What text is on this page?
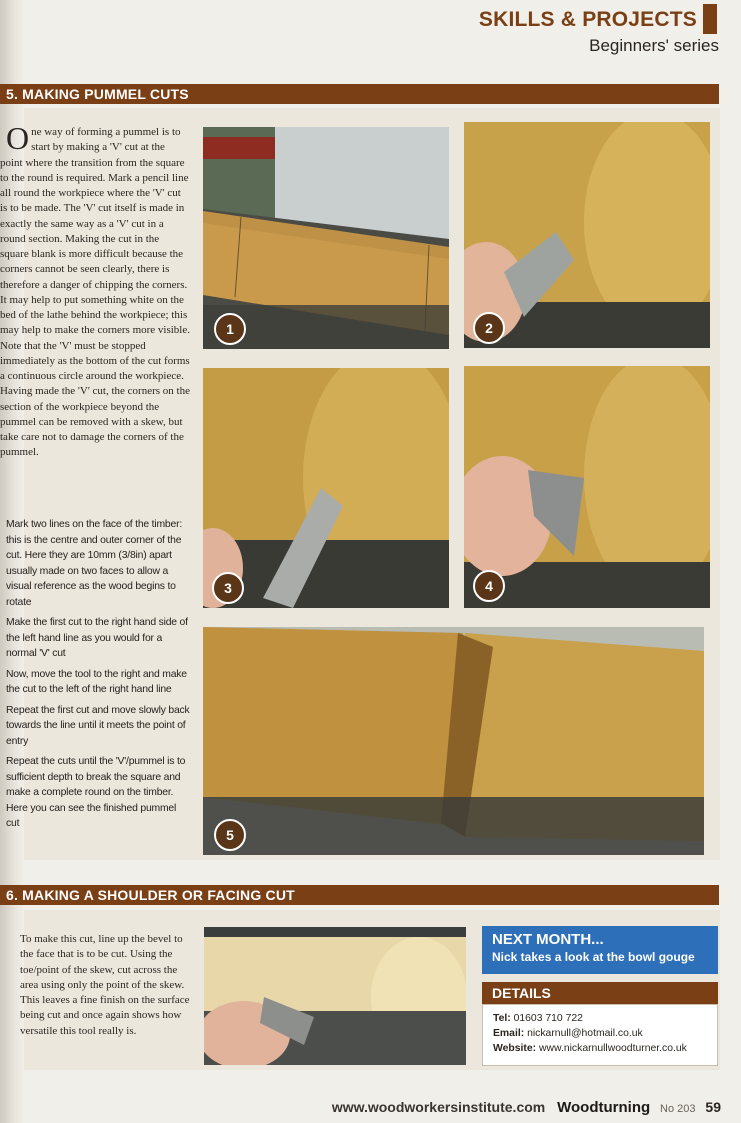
SKILLS & PROJECTS
Beginners' series
5. MAKING PUMMEL CUTS

One way of forming a pummel is to start by making a 'V' cut at the point where the transition from the square to the round is required. Mark a pencil line all round the workpiece where the 'V' cut is to be made. The 'V' cut itself is made in exactly the same way as a 'V' cut in a round section. Making the cut in the square blank is more difficult because the corners cannot be seen clearly, there is therefore a danger of chipping the corners. It may help to put something white on the bed of the lathe behind the workpiece; this may help to make the corners more visible. Note that the 'V' must be stopped immediately as the bottom of the cut forms a continuous circle around the workpiece. Having made the 'V' cut, the corners on the section of the workpiece beyond the pummel can be removed with a skew, but take care not to damage the corners of the pummel.

Mark two lines on the face of the timber: this is the centre and outer corner of the cut. Here they are 10mm (3/8in) apart usually made on two faces to allow a visual reference as the wood begins to rotate

Make the first cut to the right hand side of the left hand line as you would for a normal 'V' cut

Now, move the tool to the right and make the cut to the left of the right hand line

Repeat the first cut and move slowly back towards the line until it meets the point of entry

Repeat the cuts until the 'V'/pummel is to sufficient depth to break the square and make a complete round on the timber. Here you can see the finished pummel cut

1	2
3	4
5
6. MAKING A SHOULDER OR FACING CUT

To make this cut, line up the bevel to the face that is to be cut. Using the toe/point of the skew, cut across the area using only the point of the skew. This leaves a fine finish on the surface being cut and once again shows how versatile this tool really is.

NEXT MONTH...
Nick takes a look at the bowl gouge
DETAILS
Tel: 01603 710 722
Email: nickarnull@hotmail.co.uk
Website: www.nickarnullwoodturner.co.uk
www.woodworkersinstitute.com Woodturning No 203 59
